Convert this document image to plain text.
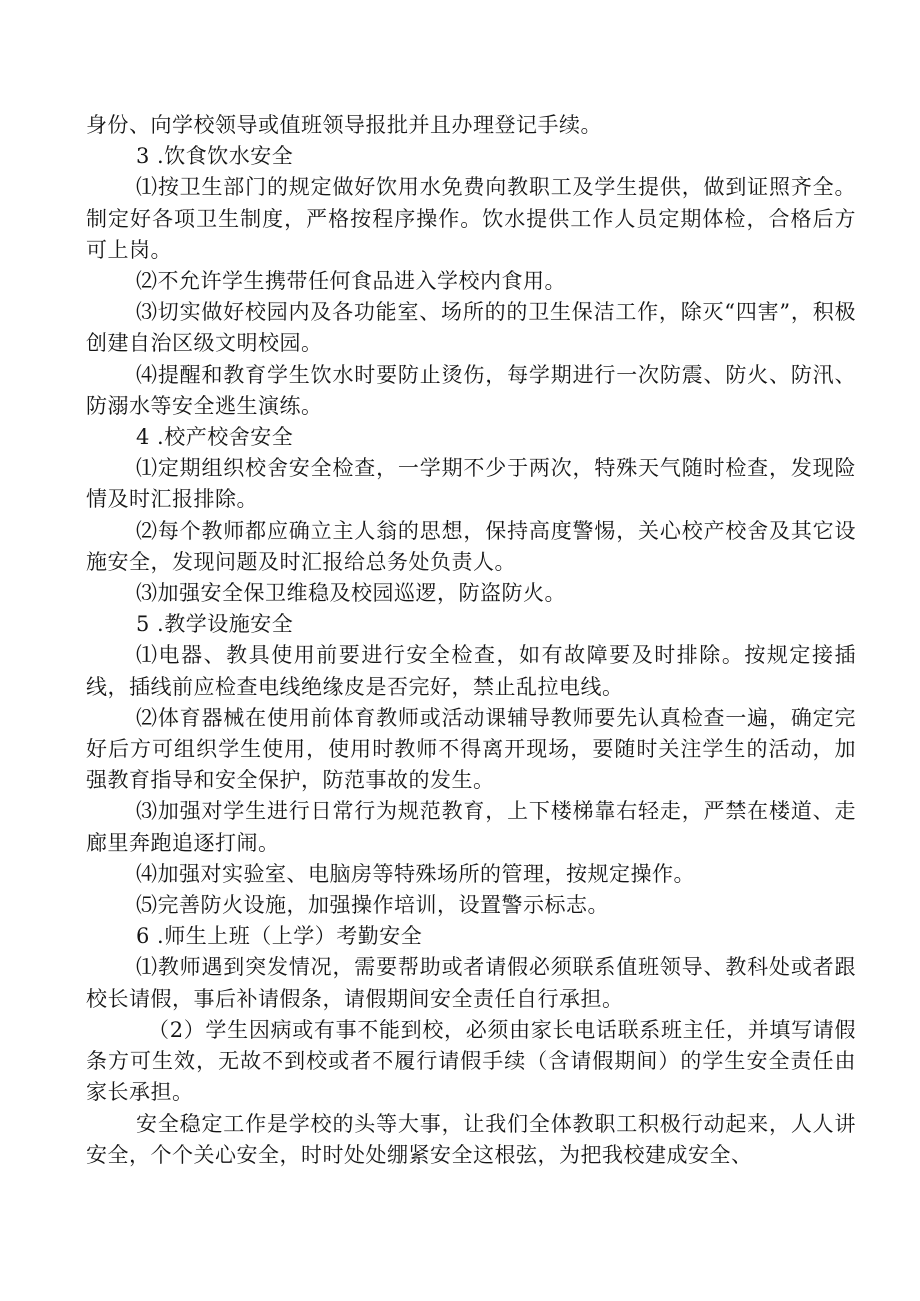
身份、向学校领导或值班领导报批并且办理登记手续。

3 .饮食饮水安全

⑴按卫生部门的规定做好饮用水免费向教职工及学生提供，做到证照齐全。制定好各项卫生制度，严格按程序操作。饮水提供工作人员定期体检，合格后方可上岗。

⑵不允许学生携带任何食品进入学校内食用。

⑶切实做好校园内及各功能室、场所的的卫生保洁工作，除灭“四害”，积极创建自治区级文明校园。

⑷提醒和教育学生饮水时要防止烫伤，每学期进行一次防震、防火、防汛、防溺水等安全逃生演练。

4 .校产校舍安全

⑴定期组织校舍安全检查，一学期不少于两次，特殊天气随时检查，发现险情及时汇报排除。

⑵每个教师都应确立主人翁的思想，保持高度警惕，关心校产校舍及其它设施安全，发现问题及时汇报给总务处负责人。

⑶加强安全保卫维稳及校园巡逻，防盗防火。

5 .教学设施安全

⑴电器、教具使用前要进行安全检查，如有故障要及时排除。按规定接插线，插线前应检查电线绝缘皮是否完好，禁止乱拉电线。

⑵体育器械在使用前体育教师或活动课辅导教师要先认真检查一遍，确定完好后方可组织学生使用，使用时教师不得离开现场，要随时关注学生的活动，加强教育指导和安全保护，防范事故的发生。

⑶加强对学生进行日常行为规范教育，上下楼梯靠右轻走，严禁在楼道、走廊里奔跑追逐打闹。

⑷加强对实验室、电脑房等特殊场所的管理，按规定操作。

⑸完善防火设施，加强操作培训，设置警示标志。

6 .师生上班（上学）考勤安全

⑴教师遇到突发情况，需要帮助或者请假必须联系值班领导、教科处或者跟校长请假，事后补请假条，请假期间安全责任自行承担。

（2）学生因病或有事不能到校，必须由家长电话联系班主任，并填写请假条方可生效，无故不到校或者不履行请假手续（含请假期间）的学生安全责任由家长承担。

安全稳定工作是学校的头等大事，让我们全体教职工积极行动起来，人人讲安全，个个关心安全，时时处处绷紧安全这根弦，为把我校建成安全、
